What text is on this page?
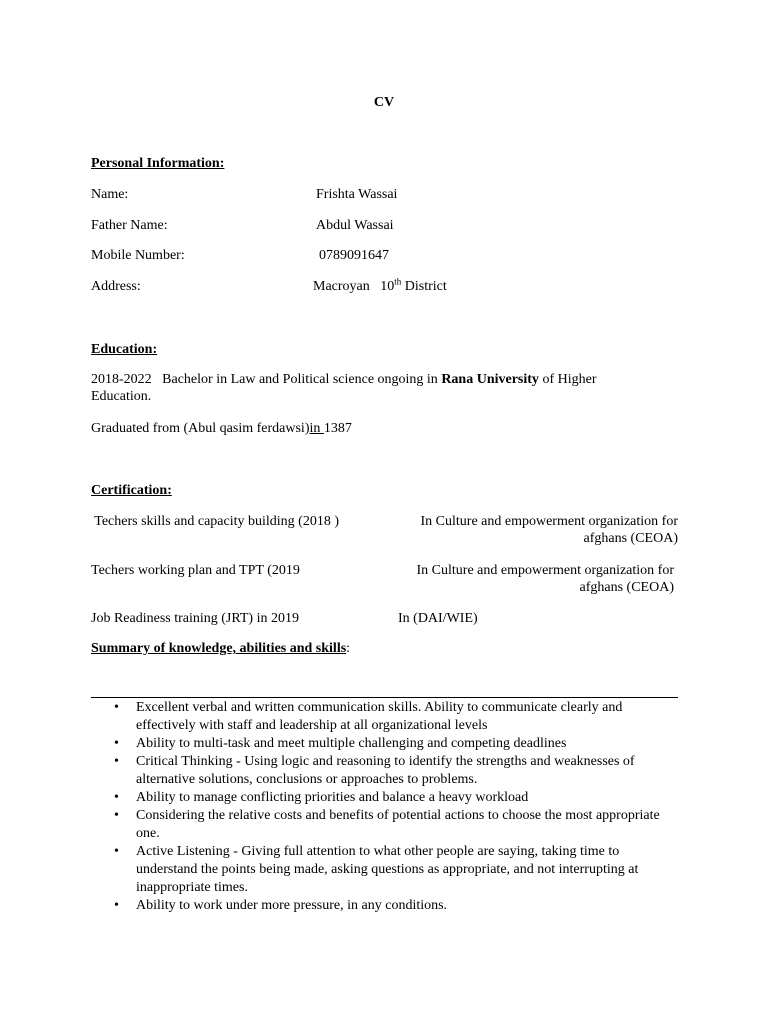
CV
Personal Information:
Name:	Frishta Wassai
Father Name:	Abdul Wassai
Mobile Number:	0789091647
Address:	Macroyan   10th District
Education:
2018-2022   Bachelor in Law and Political science ongoing in Rana University of Higher Education.
Graduated from (Abul qasim ferdawsi)in 1387
Certification:
Techers skills and capacity building (2018 )	In Culture and empowerment organization for afghans (CEOA)
Techers working plan and TPT (2019	In Culture and empowerment organization for afghans (CEOA)
Job Readiness training (JRT) in 2019	In (DAI/WIE)
Summary of knowledge, abilities and skills:
• Excellent verbal and written communication skills. Ability to communicate clearly and effectively with staff and leadership at all organizational levels
• Ability to multi-task and meet multiple challenging and competing deadlines
• Critical Thinking - Using logic and reasoning to identify the strengths and weaknesses of alternative solutions, conclusions or approaches to problems.
• Ability to manage conflicting priorities and balance a heavy workload
• Considering the relative costs and benefits of potential actions to choose the most appropriate one.
• Active Listening - Giving full attention to what other people are saying, taking time to understand the points being made, asking questions as appropriate, and not interrupting at inappropriate times.
• Ability to work under more pressure, in any conditions.
